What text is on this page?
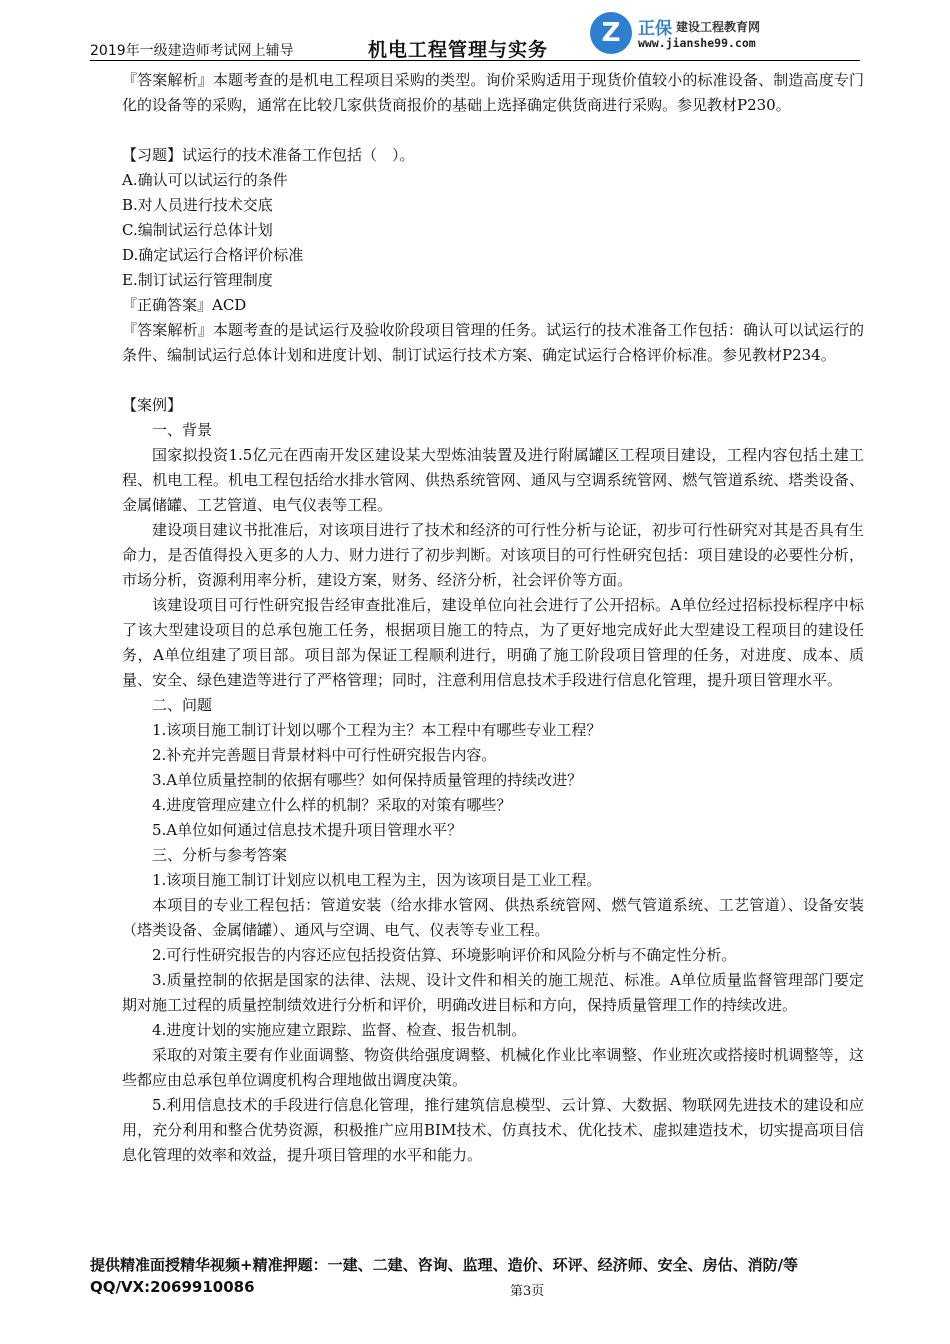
2019年一级建造师考试网上辅导	机电工程管理与实务
Z	正保 建设工程教育网
www.jianshe99.com

『答案解析』本题考查的是机电工程项目采购的类型。询价采购适用于现货价值较小的标准设备、制造高度专门化的设备等的采购，通常在比较几家供货商报价的基础上选择确定供货商进行采购。参见教材P230。

【习题】试运行的技术准备工作包括（　）。

A.确认可以试运行的条件

B.对人员进行技术交底

C.编制试运行总体计划

D.确定试运行合格评价标准

E.制订试运行管理制度

『正确答案』ACD

『答案解析』本题考查的是试运行及验收阶段项目管理的任务。试运行的技术准备工作包括：确认可以试运行的条件、编制试运行总体计划和进度计划、制订试运行技术方案、确定试运行合格评价标准。参见教材P234。

【案例】

一、背景

国家拟投资1.5亿元在西南开发区建设某大型炼油装置及进行附属罐区工程项目建设，工程内容包括土建工程、机电工程。机电工程包括给水排水管网、供热系统管网、通风与空调系统管网、燃气管道系统、塔类设备、金属储罐、工艺管道、电气仪表等工程。

建设项目建议书批准后，对该项目进行了技术和经济的可行性分析与论证，初步可行性研究对其是否具有生命力，是否值得投入更多的人力、财力进行了初步判断。对该项目的可行性研究包括：项目建设的必要性分析，市场分析，资源利用率分析，建设方案，财务、经济分析，社会评价等方面。

该建设项目可行性研究报告经审查批准后，建设单位向社会进行了公开招标。A单位经过招标投标程序中标了该大型建设项目的总承包施工任务，根据项目施工的特点，为了更好地完成好此大型建设工程项目的建设任务，A单位组建了项目部。项目部为保证工程顺利进行，明确了施工阶段项目管理的任务，对进度、成本、质量、安全、绿色建造等进行了严格管理；同时，注意利用信息技术手段进行信息化管理，提升项目管理水平。

二、问题

1.该项目施工制订计划以哪个工程为主？本工程中有哪些专业工程？

2.补充并完善题目背景材料中可行性研究报告内容。

3.A单位质量控制的依据有哪些？如何保持质量管理的持续改进？

4.进度管理应建立什么样的机制？采取的对策有哪些？

5.A单位如何通过信息技术提升项目管理水平？

三、分析与参考答案

1.该项目施工制订计划应以机电工程为主，因为该项目是工业工程。

本项目的专业工程包括：管道安装（给水排水管网、供热系统管网、燃气管道系统、工艺管道）、设备安装（塔类设备、金属储罐）、通风与空调、电气、仪表等专业工程。

2.可行性研究报告的内容还应包括投资估算、环境影响评价和风险分析与不确定性分析。

3.质量控制的依据是国家的法律、法规、设计文件和相关的施工规范、标准。A单位质量监督管理部门要定期对施工过程的质量控制绩效进行分析和评价，明确改进目标和方向，保持质量管理工作的持续改进。

4.进度计划的实施应建立跟踪、监督、检查、报告机制。

采取的对策主要有作业面调整、物资供给强度调整、机械化作业比率调整、作业班次或搭接时机调整等，这些都应由总承包单位调度机构合理地做出调度决策。

5.利用信息技术的手段进行信息化管理，推行建筑信息模型、云计算、大数据、物联网先进技术的建设和应用，充分利用和整合优势资源，积极推广应用BIM技术、仿真技术、优化技术、虚拟建造技术，切实提高项目信息化管理的效率和效益，提升项目管理的水平和能力。

提供精准面授精华视频+精准押题：一建、二建、咨询、监理、造价、环评、经济师、安全、房估、消防/等
QQ/VX:2069910086	第3页
